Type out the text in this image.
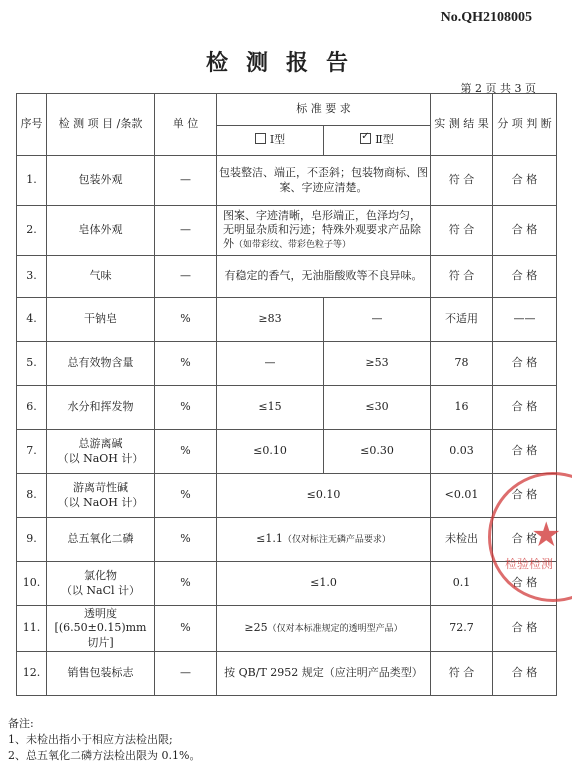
No.QH2108005
检测报告
第 2 页 共 3 页
序号	检 测 项 目 /条款	单 位	标 准 要 求		实 测 结 果	分 项 判 断
			Ⅰ型	✓Ⅱ型
1.	包装外观	—	包装整洁、端正，不歪斜；包装物商标、图案、字迹应清楚。		符 合	合 格
2.	皂体外观	—	图案、字迹清晰，皂形端正，色泽均匀，无明显杂质和污迹；特殊外观要求产品除外（如带彩纹、带彩色粒子等）		符 合	合 格
3.	气味	—	有稳定的香气，无油脂酸败等不良异味。		符 合	合 格
4.	干钠皂	%	≥83	—	不适用	——
5.	总有效物含量	%	—	≥53	78	合 格
6.	水分和挥发物	%	≤15	≤30	16	合 格
7.	总游离碱
（以 NaOH 计）	%	≤0.10	≤0.30	0.03	合 格
8.	游离苛性碱
（以 NaOH 计）	%	≤0.10		<0.01	合 格
9.	总五氧化二磷	%	≤1.1（仅对标注无磷产品要求）		未检出	合 格
10.	氯化物
（以 NaCl 计）	%	≤1.0		0.1	合 格
11.	透明度
[(6.50±0.15)mm
切片]	%	≥25（仅对本标准规定的透明型产品）		72.7	合 格
12.	销售包装标志	—	按 QB/T 2952 规定（应注明产品类型）		符 合	合 格
★
检验检测
备注:
1、未检出指小于相应方法检出限;
2、总五氧化二磷方法检出限为 0.1%。
